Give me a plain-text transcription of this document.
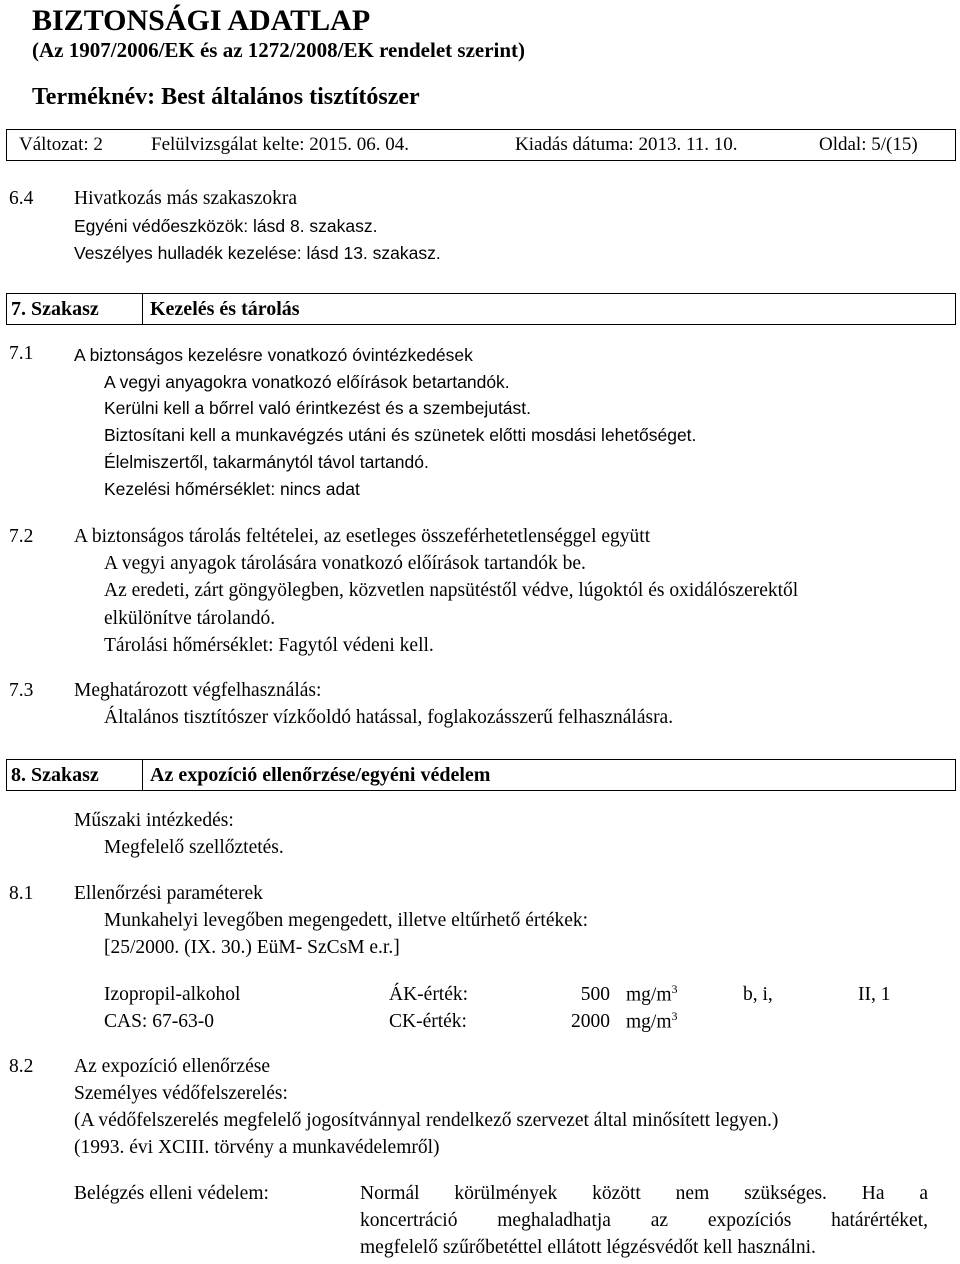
BIZTONSÁGI ADATLAP
(Az 1907/2006/EK és az 1272/2008/EK rendelet szerint)
Terméknév: Best általános tisztítószer
Változat: 2	Felülvizsgálat kelte: 2015. 06. 04.	Kiadás dátuma: 2013. 11. 10.	Oldal: 5/(15)
6.4 Hivatkozás más szakaszokra
Egyéni védőeszközök: lásd 8. szakasz.
Veszélyes hulladék kezelése: lásd 13. szakasz.
7. Szakasz	Kezelés és tárolás
7.1 A biztonságos kezelésre vonatkozó óvintézkedések
A vegyi anyagokra vonatkozó előírások betartandók.
Kerülni kell a bőrrel való érintkezést és a szembejutást.
Biztosítani kell a munkavégzés utáni és szünetek előtti mosdási lehetőséget.
Élelmiszertől, takarmánytól távol tartandó.
Kezelési hőmérséklet: nincs adat
7.2 A biztonságos tárolás feltételei, az esetleges összeférhetetlenséggel együtt
A vegyi anyagok tárolására vonatkozó előírások tartandók be.
Az eredeti, zárt göngyölegben, közvetlen napsütéstől védve, lúgoktól és oxidálószerektől
elkülönítve tárolandó.
Tárolási hőmérséklet: Fagytól védeni kell.
7.3 Meghatározott végfelhasználás:
Általános tisztítószer vízkőoldó hatással, foglakozásszerű felhasználásra.
8. Szakasz	Az expozíció ellenőrzése/egyéni védelem
Műszaki intézkedés:
Megfelelő szellőztetés.
8.1 Ellenőrzési paraméterek
Munkahelyi levegőben megengedett, illetve eltűrhető értékek:
[25/2000. (IX. 30.) EüM- SzCsM e.r.]
Izopropil-alkohol	ÁK-érték:	500 $mg/m^3$	b, i,	II, 1
CAS: 67-63-0	CK-érték:	2000 $mg/m^3$
8.2 Az expozíció ellenőrzése
Személyes védőfelszerelés:
(A védőfelszerelés megfelelő jogosítvánnyal rendelkező szervezet által minősített legyen.)
(1993. évi XCIII. törvény a munkavédelemről)
Belégzés elleni védelem:	Normál körülmények között nem szükséges. Ha a
koncertráció meghaladhatja az expozíciós határértéket,
megfelelő szűrőbetéttel ellátott légzésvédőt kell használni.
